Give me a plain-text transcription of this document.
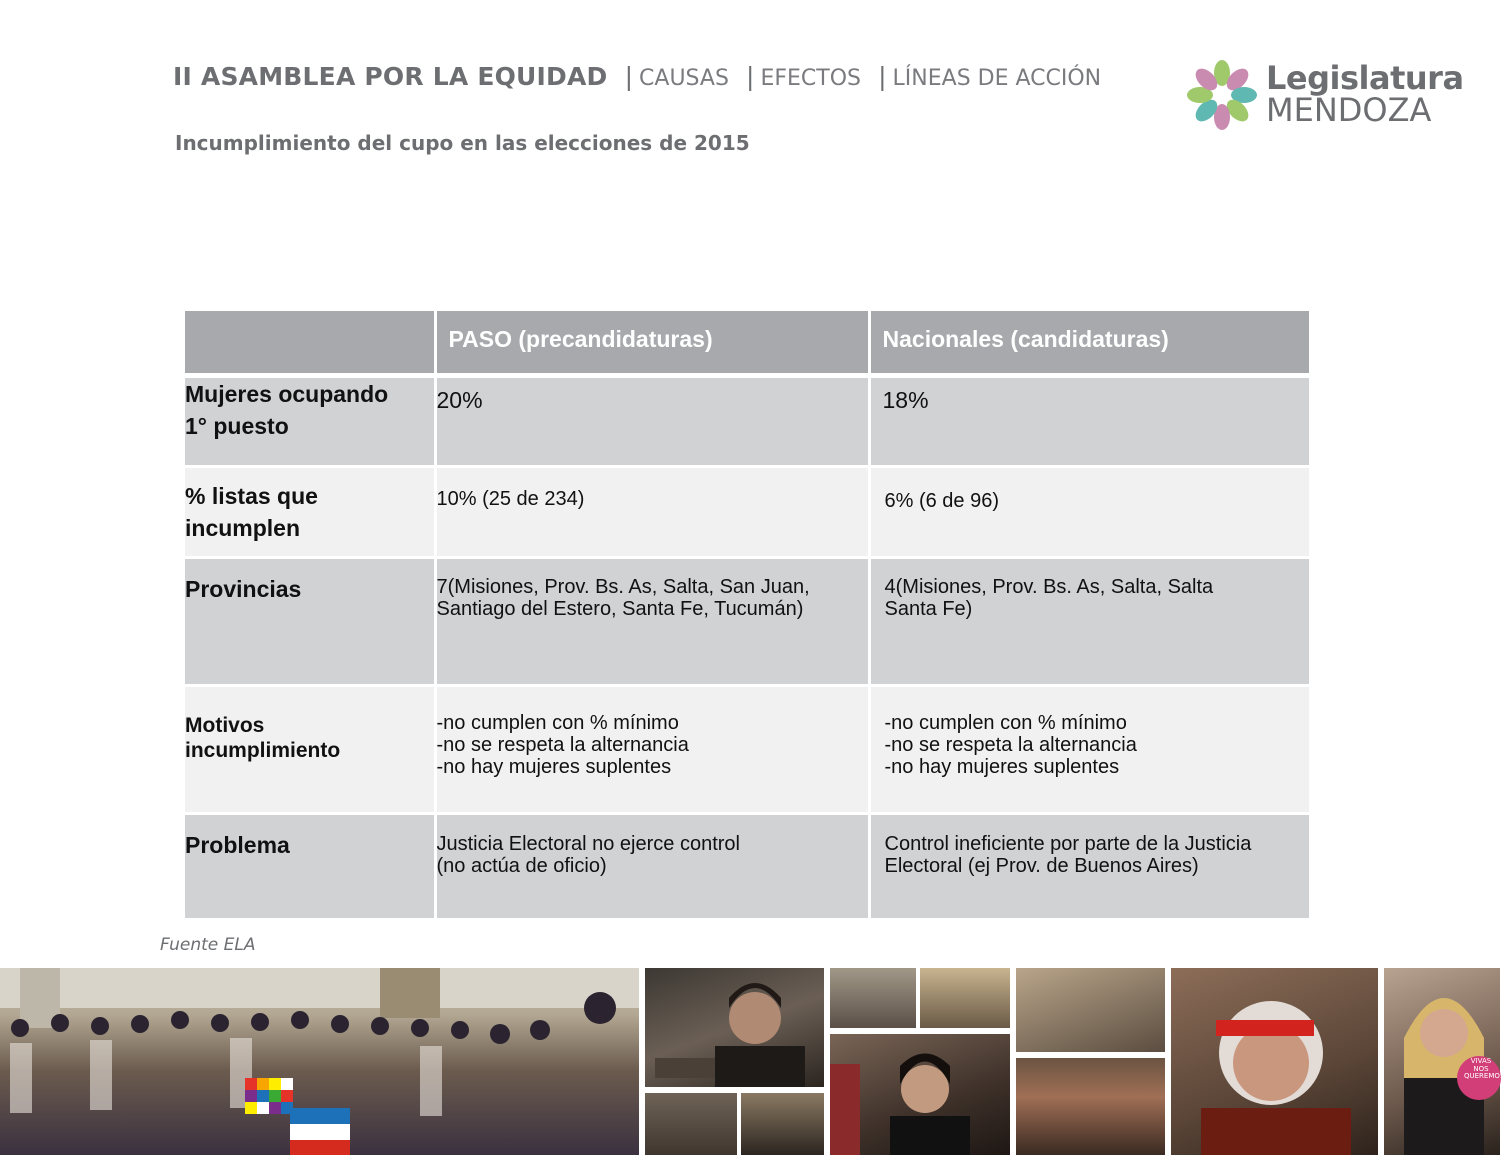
II ASAMBLEA POR LA EQUIDAD | CAUSAS | EFECTOS | LÍNEAS DE ACCIÓN
Incumplimiento del cupo en las elecciones de 2015
Legislatura
MENDOZA
	PASO (precandidaturas)	Nacionales (candidaturas)

Mujeres ocupando
1° puesto	20%	18%

% listas que
incumplen	10% (25 de 234)	6% (6 de 96)

Provincias	7(Misiones, Prov. Bs. As, Salta, San Juan,
Santiago del Estero, Santa Fe, Tucumán)	4(Misiones, Prov. Bs. As, Salta, Salta
Santa Fe)

Motivos
incumplimiento	-no cumplen con % mínimo
-no se respeta la alternancia
-no hay mujeres suplentes	-no cumplen con % mínimo
-no se respeta la alternancia
-no hay mujeres suplentes

Problema	Justicia Electoral no ejerce control
(no actúa de oficio)	Control ineficiente por parte de la Justicia
Electoral (ej Prov. de Buenos Aires)
Fuente ELA
VIVAS
NOS
QUEREMOS
